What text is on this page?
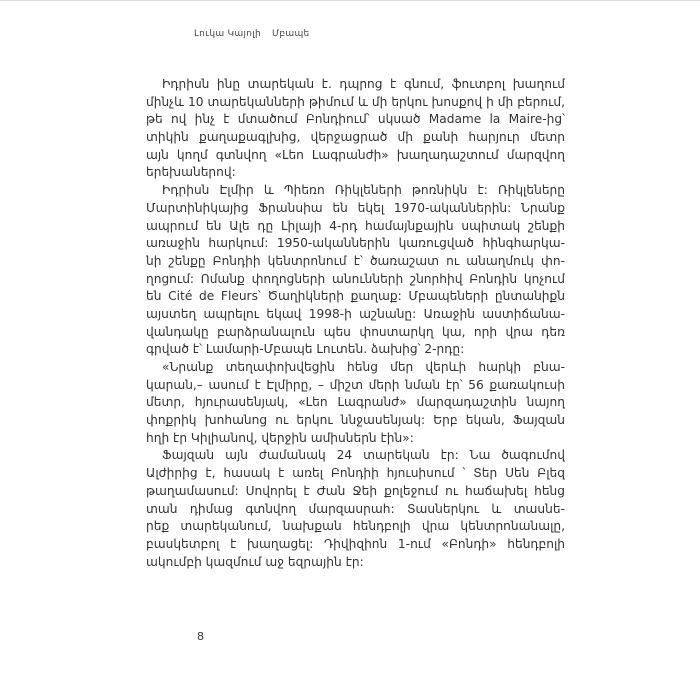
Լուկա Կայոլի Մբապե
Իդրիսն ինը տարեկան է. դպրոց է գնում, ֆուտբոլ խաղում
մինչև 10 տարեկանների թիմում և մի երկու խոսքով ի մի բերում,
թե ով ինչ է մտածում Բոնդիում՝ սկսած Madame la Maire-ից՝
տիկին քաղաքագլխից, վերջացրած մի քանի հարյուր մետր
այն կողմ գտնվող «Լեո Լագրանժի» խաղադաշտում մարզվող
երեխաներով:
Իդրիսն Էլմիր և Պիեռո Ռիկլեների թոռնիկն է: Ռիկլեները
Մարտինիկայից Ֆրանսիա են եկել 1970-ականներին: Նրանք
ապրում են Ալե դը Լիլայի 4-րդ համայնքային սպիտակ շենքի
առաջին հարկում: 1950-ականներին կառուցված հինգհարկա-
նի շենքը Բոնդիի կենտրոնում է՝ ծառաշատ ու անաղմուկ փո-
ղոցում: Ոմանք փողոցների անունների շնորհիվ Բոնդին կոչում
են Cité de Fleurs՝ Ծաղիկների քաղաք: Մբապեների ընտանիքն
այստեղ ապրելու եկավ 1998-ի աշնանը: Առաջին աստիճանա-
վանդակը բարձրանալուն պես փոստարկղ կա, որի վրա դեռ
գրված է՝ Լամարի-Մբապե Լուտեն. ձախից՝ 2-րդը:
«Նրանք տեղափոխվեցին հենց մեր վերևի հարկի բնա-
կարան,– ասում է Էլմիրը, – միշտ մերի նման էր՝ 56 քառակուսի
մետր, հյուրասենյակ, «Լեո Լագրանժ» մարզադաշտին նայող
փոքրիկ խոհանոց ու երկու ննջասենյակ: Երբ եկան, Ֆայզան
հղի էր Կիլիանով, վերջին ամիսներն էին»:
Ֆայզան այն ժամանակ 24 տարեկան էր: Նա ծագումով
Ալժիրից է, հասակ է առել Բոնդիի հյուսիսում ՝ Տեր Սեն Բլեզ
թաղամասում: Սովորել է Ժան Ջեի քոլեջում ու հաճախել հենց
տան դիմաց գտնվող մարզասրահ: Տասներկու և տասնե-
րեք տարեկանում, նախքան հենդբոլի վրա կենտրոնանալը,
բասկետբոլ է խաղացել: Դիվիզիոն 1-ում «Բոնդի» հենդբոլի
ակումբի կազմում աջ եզրային էր:
8
